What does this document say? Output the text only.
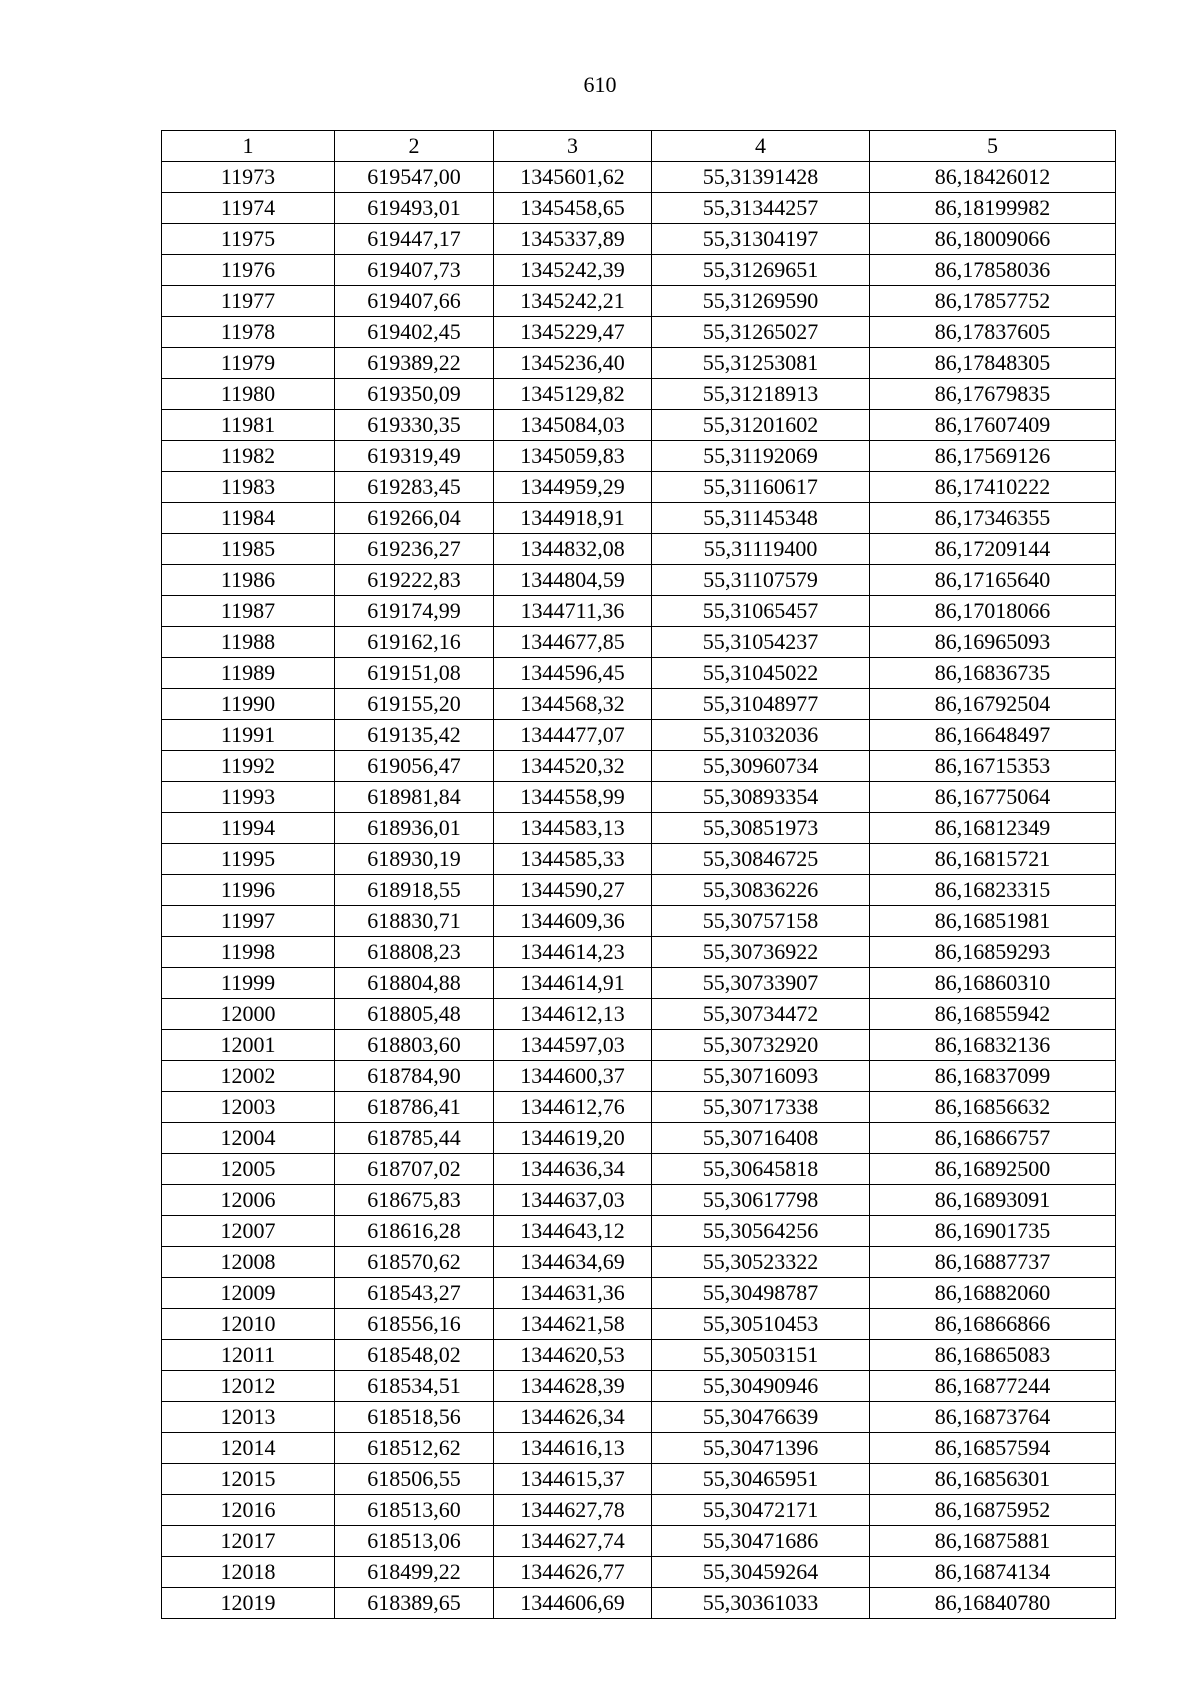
610
1	2	3	4	5
11973	619547,00	1345601,62	55,31391428	86,18426012
11974	619493,01	1345458,65	55,31344257	86,18199982
11975	619447,17	1345337,89	55,31304197	86,18009066
11976	619407,73	1345242,39	55,31269651	86,17858036
11977	619407,66	1345242,21	55,31269590	86,17857752
11978	619402,45	1345229,47	55,31265027	86,17837605
11979	619389,22	1345236,40	55,31253081	86,17848305
11980	619350,09	1345129,82	55,31218913	86,17679835
11981	619330,35	1345084,03	55,31201602	86,17607409
11982	619319,49	1345059,83	55,31192069	86,17569126
11983	619283,45	1344959,29	55,31160617	86,17410222
11984	619266,04	1344918,91	55,31145348	86,17346355
11985	619236,27	1344832,08	55,31119400	86,17209144
11986	619222,83	1344804,59	55,31107579	86,17165640
11987	619174,99	1344711,36	55,31065457	86,17018066
11988	619162,16	1344677,85	55,31054237	86,16965093
11989	619151,08	1344596,45	55,31045022	86,16836735
11990	619155,20	1344568,32	55,31048977	86,16792504
11991	619135,42	1344477,07	55,31032036	86,16648497
11992	619056,47	1344520,32	55,30960734	86,16715353
11993	618981,84	1344558,99	55,30893354	86,16775064
11994	618936,01	1344583,13	55,30851973	86,16812349
11995	618930,19	1344585,33	55,30846725	86,16815721
11996	618918,55	1344590,27	55,30836226	86,16823315
11997	618830,71	1344609,36	55,30757158	86,16851981
11998	618808,23	1344614,23	55,30736922	86,16859293
11999	618804,88	1344614,91	55,30733907	86,16860310
12000	618805,48	1344612,13	55,30734472	86,16855942
12001	618803,60	1344597,03	55,30732920	86,16832136
12002	618784,90	1344600,37	55,30716093	86,16837099
12003	618786,41	1344612,76	55,30717338	86,16856632
12004	618785,44	1344619,20	55,30716408	86,16866757
12005	618707,02	1344636,34	55,30645818	86,16892500
12006	618675,83	1344637,03	55,30617798	86,16893091
12007	618616,28	1344643,12	55,30564256	86,16901735
12008	618570,62	1344634,69	55,30523322	86,16887737
12009	618543,27	1344631,36	55,30498787	86,16882060
12010	618556,16	1344621,58	55,30510453	86,16866866
12011	618548,02	1344620,53	55,30503151	86,16865083
12012	618534,51	1344628,39	55,30490946	86,16877244
12013	618518,56	1344626,34	55,30476639	86,16873764
12014	618512,62	1344616,13	55,30471396	86,16857594
12015	618506,55	1344615,37	55,30465951	86,16856301
12016	618513,60	1344627,78	55,30472171	86,16875952
12017	618513,06	1344627,74	55,30471686	86,16875881
12018	618499,22	1344626,77	55,30459264	86,16874134
12019	618389,65	1344606,69	55,30361033	86,16840780
